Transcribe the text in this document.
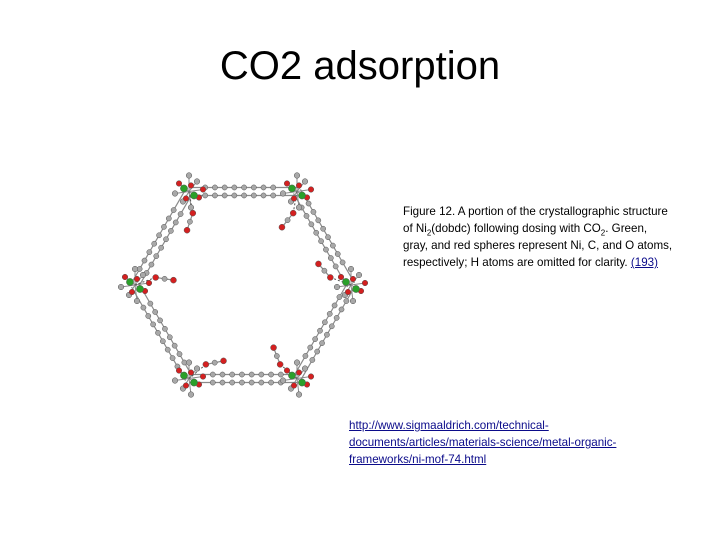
CO2 adsorption
Figure 12. A portion of the crystallographic structure of $Ni_2(dobdc)$ following dosing with $CO_2$. Green, gray, and red spheres represent Ni, C, and O atoms, respectively; H atoms are omitted for clarity. (193)
http://www.sigmaaldrich.com/technical-documents/articles/materials-science/metal-organic-frameworks/ni-mof-74.html
